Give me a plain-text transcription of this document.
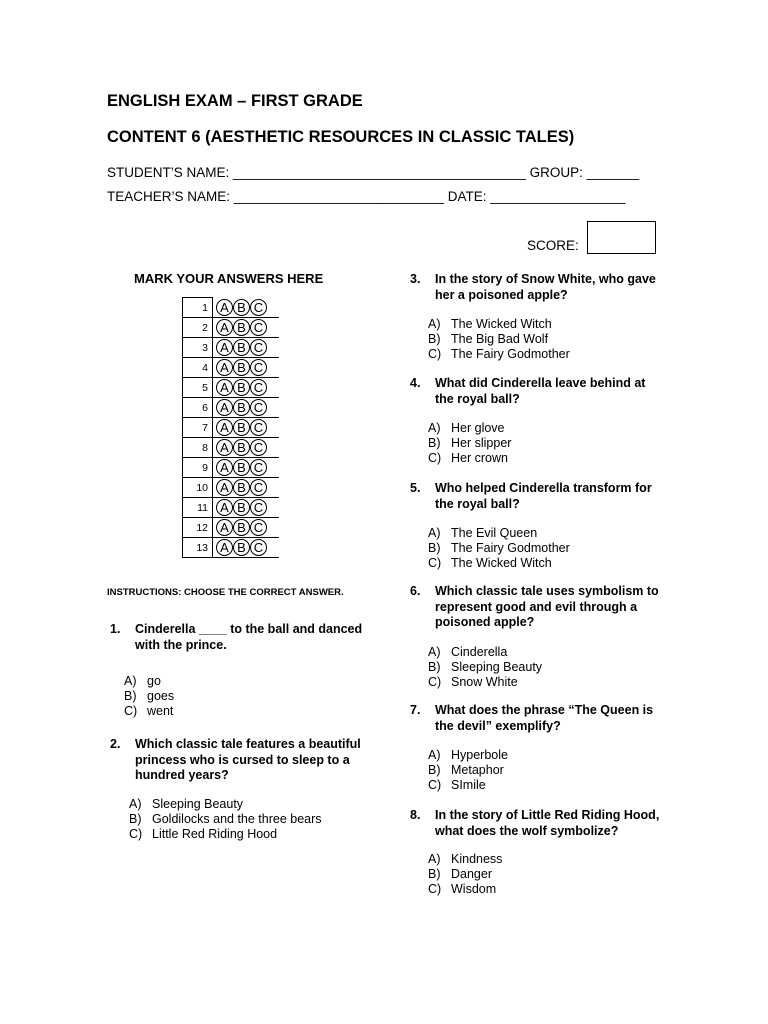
ENGLISH EXAM – FIRST GRADE
CONTENT 6 (AESTHETIC RESOURCES IN CLASSIC TALES)
STUDENT’S NAME: _______________________________________ GROUP: _______
TEACHER’S NAME: ____________________________ DATE: __________________
SCORE:
MARK YOUR ANSWERS HERE
1	A B C
2	A B C
3	A B C
4	A B C
5	A B C
6	A B C
7	A B C
8	A B C
9	A B C
10	A B C
11	A B C
12	A B C
13	A B C
INSTRUCTIONS: CHOOSE THE CORRECT ANSWER.
1. Cinderella ____ to the ball and danced
with the prince.
A) go
B) goes
C) went
2. Which classic tale features a beautiful
princess who is cursed to sleep to a
hundred years?
A) Sleeping Beauty
B) Goldilocks and the three bears
C) Little Red Riding Hood
3. In the story of Snow White, who gave
her a poisoned apple?
A) The Wicked Witch
B) The Big Bad Wolf
C) The Fairy Godmother
4. What did Cinderella leave behind at
the royal ball?
A) Her glove
B) Her slipper
C) Her crown
5. Who helped Cinderella transform for
the royal ball?
A) The Evil Queen
B) The Fairy Godmother
C) The Wicked Witch
6. Which classic tale uses symbolism to
represent good and evil through a
poisoned apple?
A) Cinderella
B) Sleeping Beauty
C) Snow White
7. What does the phrase “The Queen is
the devil” exemplify?
A) Hyperbole
B) Metaphor
C) SImile
8. In the story of Little Red Riding Hood,
what does the wolf symbolize?
A) Kindness
B) Danger
C) Wisdom
